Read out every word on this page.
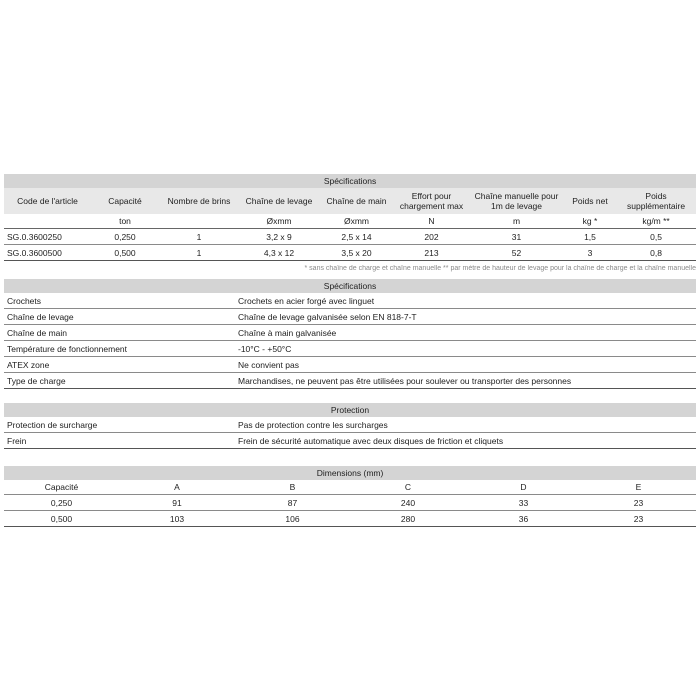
Spécifications								
Code de l'article	Capacité	Nombre de brins	Chaîne de levage	Chaîne de main	Effort pour chargement max	Chaîne manuelle pour 1m de levage	Poids net	Poids supplémentaire
	ton		Øxmm	Øxmm	N	m	kg *	kg/m **
SG.0.3600250	0,250	1	3,2 x 9	2,5 x 14	202	31	1,5	0,5
SG.0.3600500	0,500	1	4,3 x 12	3,5 x 20	213	52	3	0,8
* sans chaîne de charge et chaîne manuelle ** par mètre de hauteur de levage pour la chaîne de charge et la chaîne manuelle
Spécifications	
Crochets	Crochets en acier forgé avec linguet
Chaîne de levage	Chaîne de levage galvanisée selon EN 818-7-T
Chaîne de main	Chaîne à main galvanisée
Température de fonctionnement	-10°C - +50°C
ATEX zone	Ne convient pas
Type de charge	Marchandises, ne peuvent pas être utilisées pour soulever ou transporter des personnes
Protection	
Protection de surcharge	Pas de protection contre les surcharges
Frein	Frein de sécurité automatique avec deux disques de friction et cliquets
Dimensions (mm)					
Capacité	A	B	C	D	E
0,250	91	87	240	33	23
0,500	103	106	280	36	23
